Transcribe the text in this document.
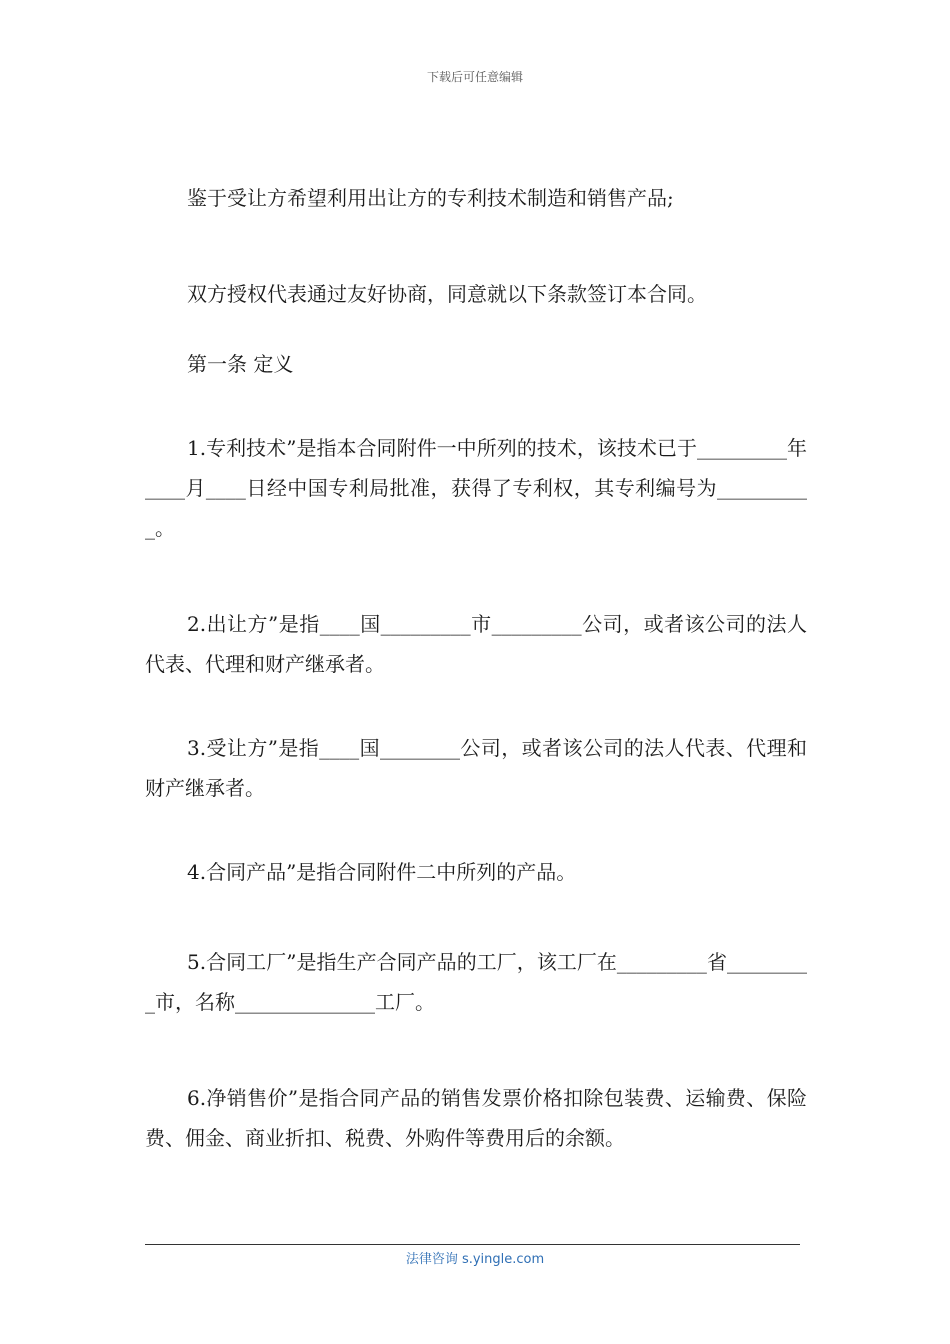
下载后可任意编辑

鉴于受让方希望利用出让方的专利技术制造和销售产品;

双方授权代表通过友好协商，同意就以下条款签订本合同。

第一条 定义

1.专利技术”是指本合同附件一中所列的技术，该技术已于_________年____月____日经中国专利局批准，获得了专利权，其专利编号为__________。

2.出让方”是指____国_________市_________公司，或者该公司的法人代表、代理和财产继承者。

3.受让方”是指____国________公司，或者该公司的法人代表、代理和财产继承者。

4.合同产品”是指合同附件二中所列的产品。

5.合同工厂”是指生产合同产品的工厂，该工厂在_________省_________市，名称______________工厂。

6.净销售价”是指合同产品的销售发票价格扣除包装费、运输费、保险费、佣金、商业折扣、税费、外购件等费用后的余额。

法律咨询 s.yingle.com
